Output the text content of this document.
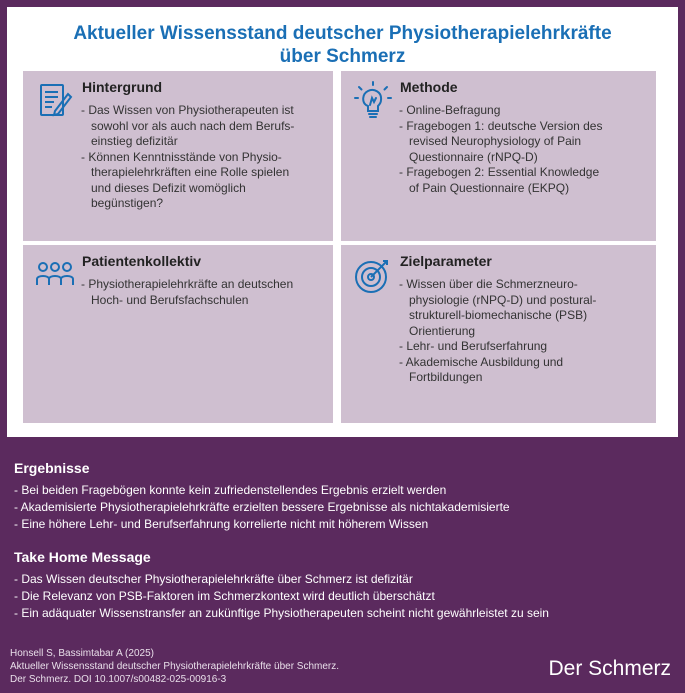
Aktueller Wissensstand deutscher Physiotherapielehrkräfte
über Schmerz
Hintergrund
- Das Wissen von Physiotherapeuten ist
sowohl vor als auch nach dem Berufs-
einstieg defizitär
- Können Kenntnisstände von Physio-
therapielehrkräften eine Rolle spielen
und dieses Defizit womöglich
begünstigen?
Methode
- Online-Befragung
- Fragebogen 1: deutsche Version des
revised Neurophysiology of Pain
Questionnaire (rNPQ-D)
- Fragebogen 2: Essential Knowledge
of Pain Questionnaire (EKPQ)
Patientenkollektiv
- Physiotherapielehrkräfte an deutschen
Hoch- und Berufsfachschulen
Zielparameter
- Wissen über die Schmerzneuro-
physiologie (rNPQ-D) und postural-
strukturell-biomechanische (PSB)
Orientierung
- Lehr- und Berufserfahrung
- Akademische Ausbildung und
Fortbildungen
Ergebnisse
- Bei beiden Fragebögen konnte kein zufriedenstellendes Ergebnis erzielt werden
- Akademisierte Physiotherapielehrkräfte erzielten bessere Ergebnisse als nichtakademisierte
- Eine höhere Lehr- und Berufserfahrung korrelierte nicht mit höherem Wissen
Take Home Message
- Das Wissen deutscher Physiotherapielehrkräfte über Schmerz ist defizitär
- Die Relevanz von PSB-Faktoren im Schmerzkontext wird deutlich überschätzt
- Ein adäquater Wissenstransfer an zukünftige Physiotherapeuten scheint nicht gewährleistet zu sein
Honsell S, Bassimtabar A (2025)
Aktueller Wissensstand deutscher Physiotherapielehrkräfte über Schmerz.
Der Schmerz. DOI 10.1007/s00482-025-00916-3	Der Schmerz
